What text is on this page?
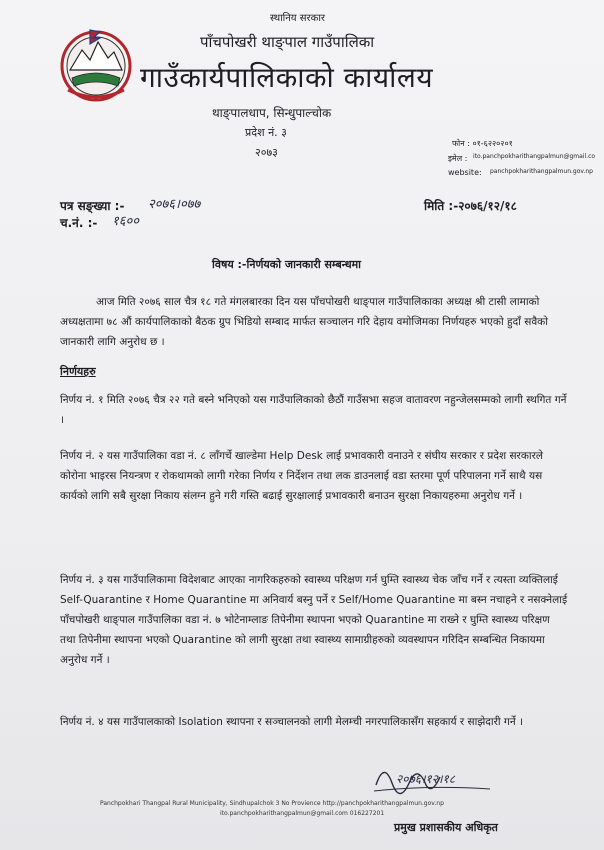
स्थानिय सरकार
पाँचपोखरी थाङ्पाल गाउँपालिका
गाउँकार्यपालिकाको कार्यालय
थाङ्पालधाप, सिन्धुपाल्चोक
प्रदेश नं. ३
२०७३
फोन : ०१-६२२०२०१
इमेल : ito.panchpokharithangpalmun@gmail.co
website: panchpokharithangpalmun.gov.np
पत्र सङ्ख्या :- २०७६।०७७
च.नं. :- १६००
मिति :-२०७६/१२/१८
विषय :-निर्णयको जानकारी सम्बन्धमा
आज मिति २०७६ साल चैत्र १८ गते मंगलबारका दिन यस पाँचपोखरी थाङ्पाल गाउँपालिकाका अध्यक्ष श्री टासी लामाको अध्यक्षतामा ७८ औं कार्यपालिकाको बैठक ग्रुप भिडियो सम्बाद मार्फत सञ्चालन गरि देहाय वमोजिमका निर्णयहरु भएको हुदाँ सवैको जानकारी लागि अनुरोध छ ।
निर्णयहरु
निर्णय नं. १ मिति २०७६ चैत्र २२ गते बस्ने भनिएको यस गाउँपालिकाको छैठौं गाउँसभा सहज वातावरण नहुन्जेलसम्मको लागी स्थगित गर्ने ।
निर्णय नं. २ यस गाउँपालिका वडा नं. ८ लाँगर्चे खाल्डेमा Help Desk लाई प्रभावकारी वनाउने र संघीय सरकार र प्रदेश सरकारले कोरोना भाइरस नियन्त्रण र रोकथामको लागी गरेका निर्णय र निर्देशन तथा लक डाउनलाई वडा स्तरमा पूर्ण परिपालना गर्ने साथै यस कार्यको लागि सबै सुरक्षा निकाय संलग्न हुने गरी गस्ति बढाई सुरक्षालाई प्रभावकारी बनाउन सुरक्षा निकायहरुमा अनुरोध गर्ने ।
निर्णय नं. ३ यस गाउँपालिकामा विदेशबाट आएका नागरिकहरुको स्वास्थ्य परिक्षण गर्न घुम्ति स्वास्थ्य चेक जाँच गर्ने र त्यस्ता व्यक्तिलाई Self-Quarantine र Home Quarantine मा अनिवार्य बस्नु पर्ने र Self/Home Quarantine मा बस्न नचाहने र नसक्नेलाई पाँचपोखरी थाङ्पाल गाउँपालिका वडा नं. ७ भोटेनाम्लाङ तिपेनीमा स्थापना भएको Quarantine मा राख्ने र घुम्ति स्वास्थ्य परिक्षण तथा तिपेनीमा स्थापना भएको Quarantine को लागी सुरक्षा तथा स्वास्थ्य सामाग्रीहरुको व्यवस्थापन गरिदिन सम्बन्धित निकायमा अनुरोध गर्ने ।
निर्णय नं. ४ यस गाउँपालकाको Isolation स्थापना र सञ्चालनको लागी मेलम्ची नगरपालिकासँग सहकार्य र साझेदारी गर्ने ।
२०७६।१२।१८
Panchpokhari Thangpal Rural Municipality, Sindhupalchok 3 No Provience http://panchpokharithangpalmun.gov.np
ito.panchpokharithangpalmun@gmail.com 016227201
प्रमुख प्रशासकीय अधिकृत
